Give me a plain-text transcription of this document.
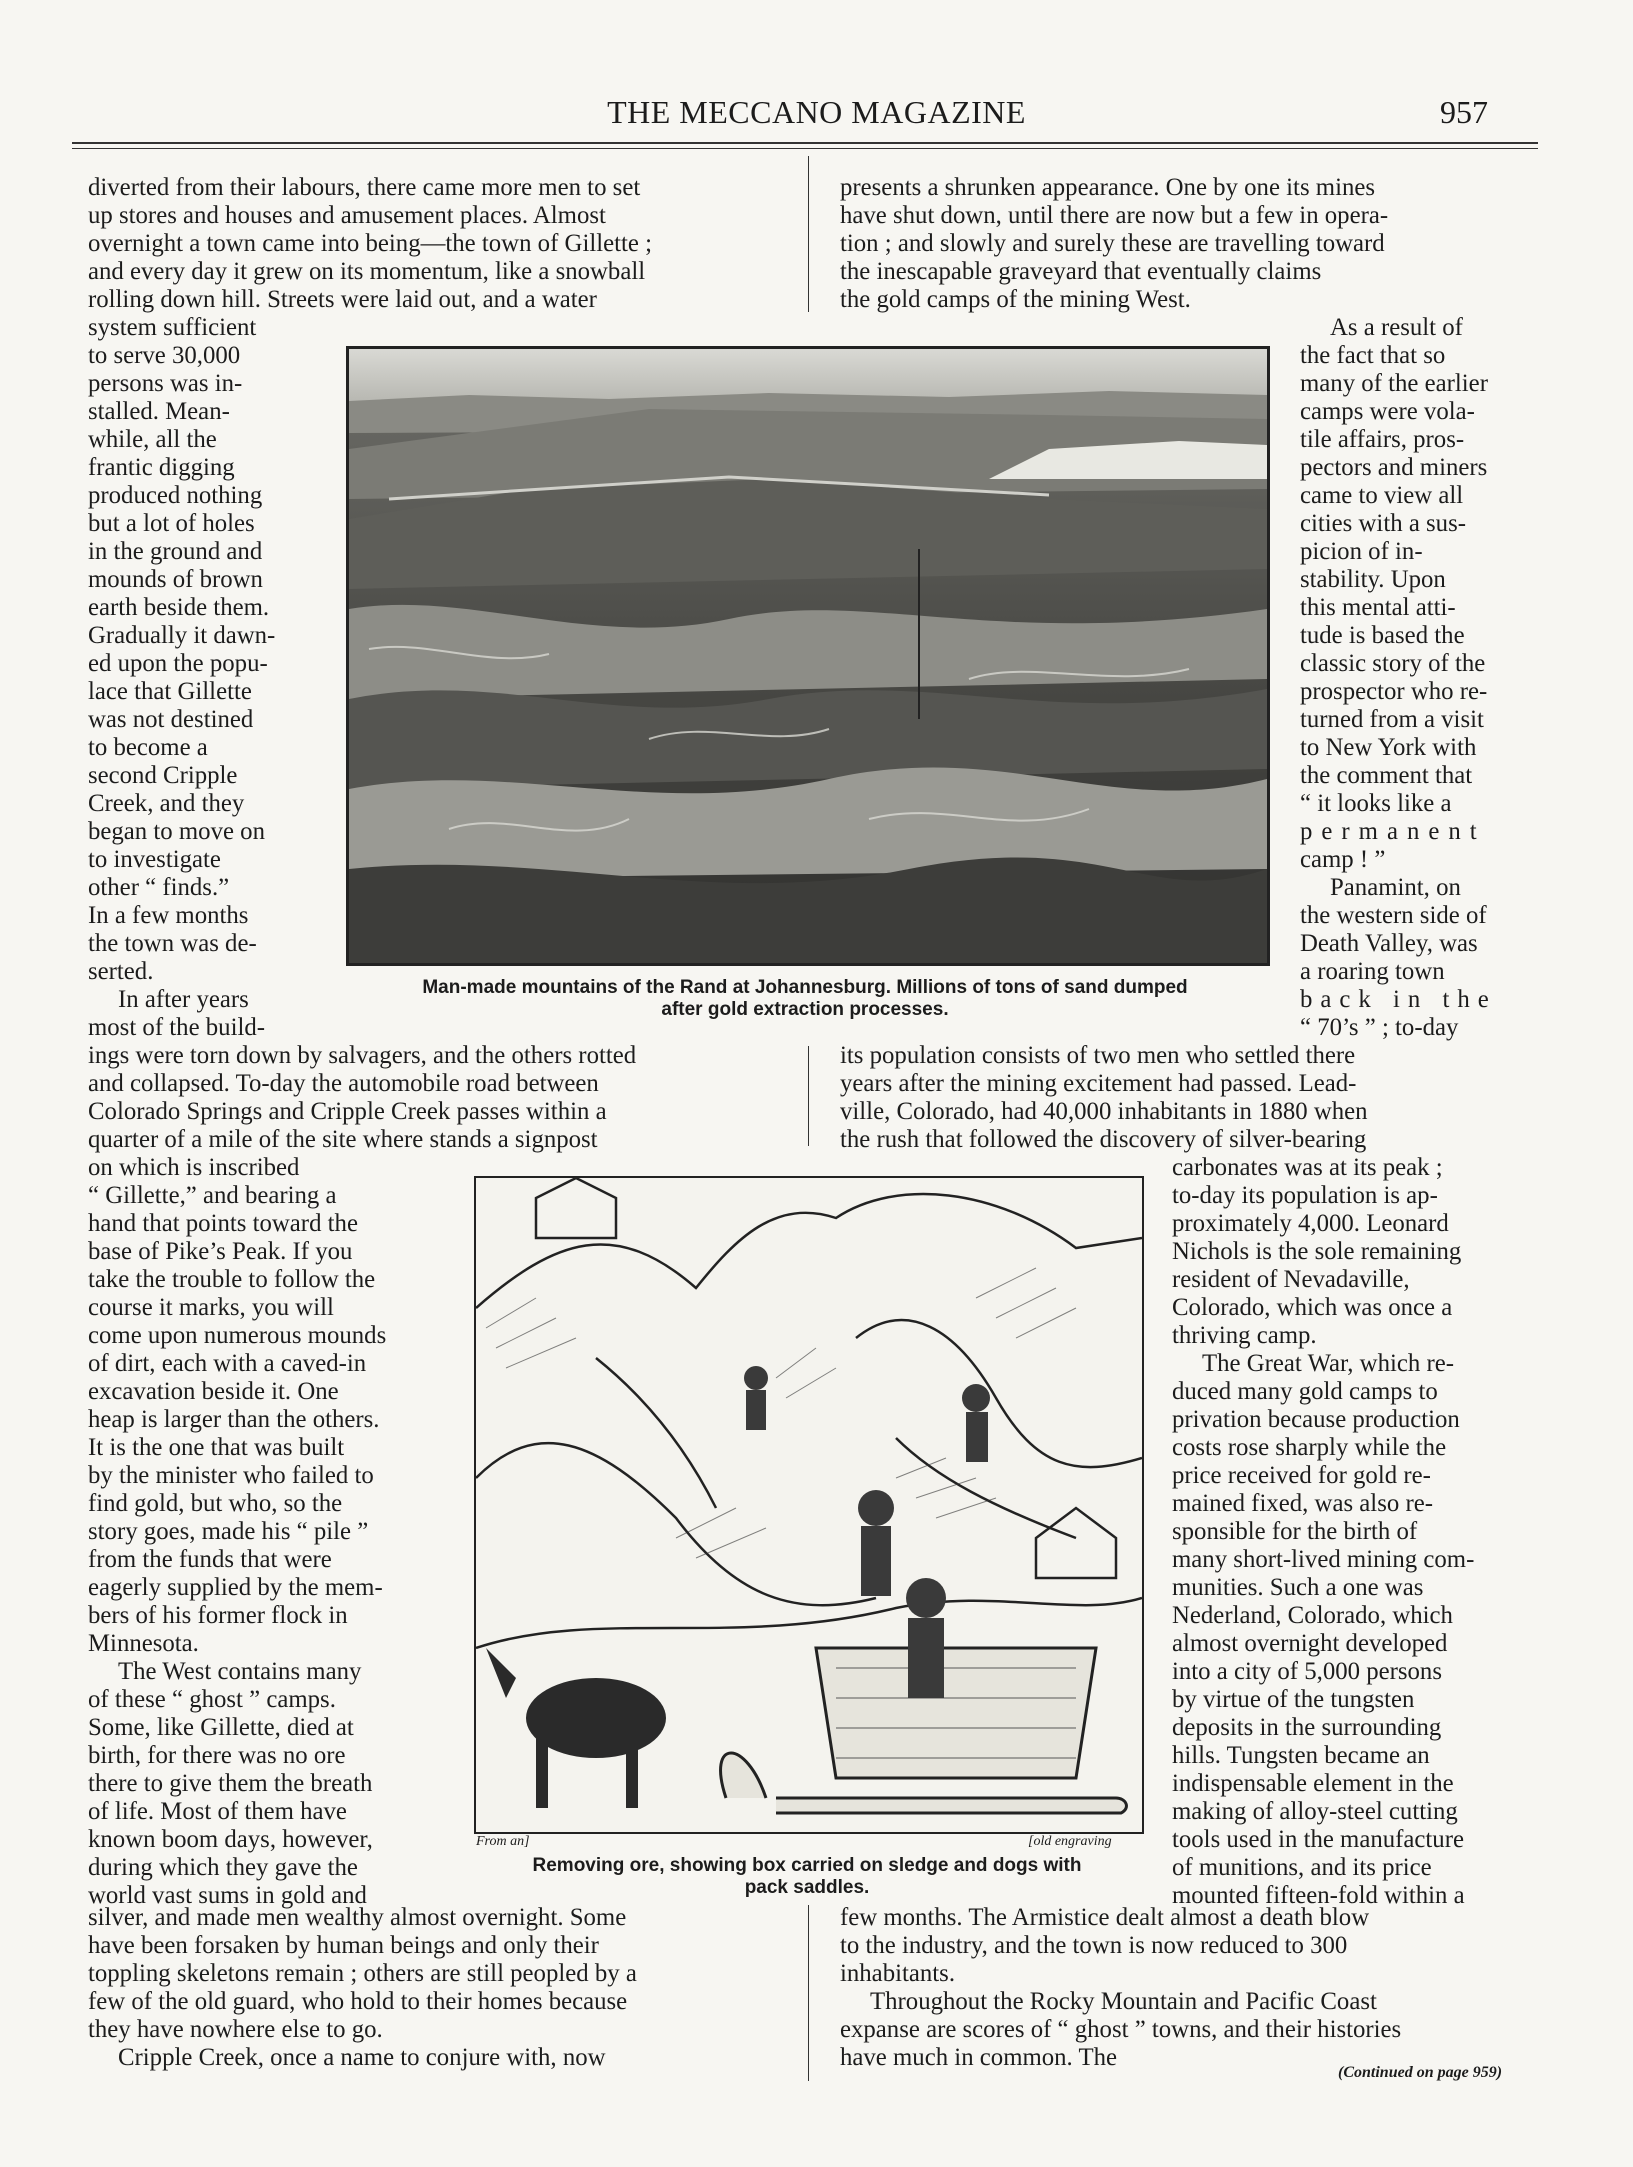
THE MECCANO MAGAZINE	957

diverted from their labours, there came more men to set

up stores and houses and amusement places. Almost

overnight a town came into being—the town of Gillette ;

and every day it grew on its momentum, like a snowball

rolling down hill. Streets were laid out, and a water

system sufficient

to serve 30,000

persons was in-

stalled. Mean-

while, all the

frantic digging

produced nothing

but a lot of holes

in the ground and

mounds of brown

earth beside them.

Gradually it dawn-

ed upon the popu-

lace that Gillette

was not destined

to become a

second Cripple

Creek, and they

began to move on

to investigate

other “ finds.”

In a few months

the town was de-

serted.

In after years

most of the build-

presents a shrunken appearance. One by one its mines

have shut down, until there are now but a few in opera-

tion ; and slowly and surely these are travelling toward

the inescapable graveyard that eventually claims

the gold camps of the mining West.

As a result of

the fact that so

many of the earlier

camps were vola-

tile affairs, pros-

pectors and miners

came to view all

cities with a sus-

picion of in-

stability. Upon

this mental atti-

tude is based the

classic story of the

prospector who re-

turned from a visit

to New York with

the comment that

“ it looks like a

permanent

camp ! ”

Panamint, on

the western side of

Death Valley, was

a roaring town

back in the

“ 70’s ” ; to-day

Man-made mountains of the Rand at Johannesburg. Millions of tons of sand dumped
after gold extraction processes.

ings were torn down by salvagers, and the others rotted

and collapsed. To-day the automobile road between

Colorado Springs and Cripple Creek passes within a

quarter of a mile of the site where stands a signpost

its population consists of two men who settled there

years after the mining excitement had passed. Lead-

ville, Colorado, had 40,000 inhabitants in 1880 when

the rush that followed the discovery of silver-bearing

on which is inscribed

“ Gillette,” and bearing a

hand that points toward the

base of Pike’s Peak. If you

take the trouble to follow the

course it marks, you will

come upon numerous mounds

of dirt, each with a caved-in

excavation beside it. One

heap is larger than the others.

It is the one that was built

by the minister who failed to

find gold, but who, so the

story goes, made his “ pile ”

from the funds that were

eagerly supplied by the mem-

bers of his former flock in

Minnesota.

The West contains many

of these “ ghost ” camps.

Some, like Gillette, died at

birth, for there was no ore

there to give them the breath

of life. Most of them have

known boom days, however,

during which they gave the

world vast sums in gold and

carbonates was at its peak ;

to-day its population is ap-

proximately 4,000. Leonard

Nichols is the sole remaining

resident of Nevadaville,

Colorado, which was once a

thriving camp.

The Great War, which re-

duced many gold camps to

privation because production

costs rose sharply while the

price received for gold re-

mained fixed, was also re-

sponsible for the birth of

many short-lived mining com-

munities. Such a one was

Nederland, Colorado, which

almost overnight developed

into a city of 5,000 persons

by virtue of the tungsten

deposits in the surrounding

hills. Tungsten became an

indispensable element in the

making of alloy-steel cutting

tools used in the manufacture

of munitions, and its price

mounted fifteen-fold within a

From an]	[old engraving
Removing ore, showing box carried on sledge and dogs with
pack saddles.

silver, and made men wealthy almost overnight. Some

have been forsaken by human beings and only their

toppling skeletons remain ; others are still peopled by a

few of the old guard, who hold to their homes because

they have nowhere else to go.

Cripple Creek, once a name to conjure with, now

few months. The Armistice dealt almost a death blow

to the industry, and the town is now reduced to 300

inhabitants.

Throughout the Rocky Mountain and Pacific Coast

expanse are scores of “ ghost ” towns, and their histories

have much in common. The

(Continued on page 959)
